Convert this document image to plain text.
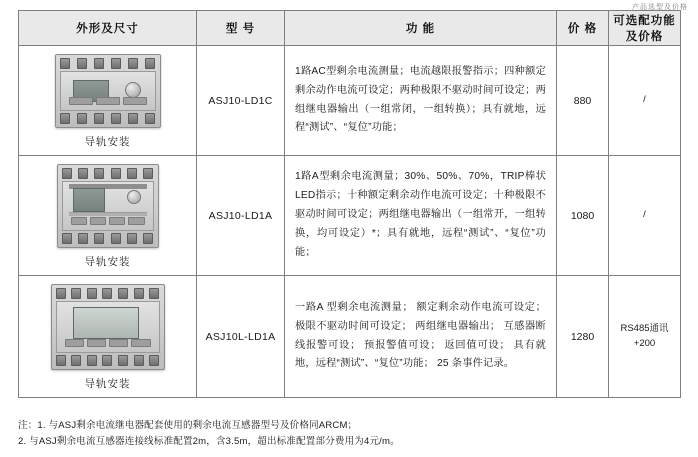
产品选型及价格
外形及尺寸	型 号	功 能	价 格	可选配功能
及价格

导轨安装	ASJ10-LD1C	1路AC型剩余电流测量；电流越限报警指示；四种额定剩余动作电流可设定；两种极限不驱动时间可设定；两组继电器输出（一组常闭，一组转换）；具有就地，远程“测试”、“复位”功能；	880	/

导轨安装	ASJ10-LD1A	1路A型剩余电流测量；30%、50%、70%，TRIP棒状LED指示；十种额定剩余动作电流可设定；十种极限不驱动时间可设定；两组继电器输出（一组常开，一组转换，均可设定）*；具有就地，远程“测试”、“复位”功能；	1080	/

导轨安装	ASJ10L-LD1A	一路A 型剩余电流测量； 额定剩余动作电流可设定；极限不驱动时间可设定； 两组继电器输出； 互感器断线报警可设； 预报警值可设； 返回值可设； 具有就地，远程“测试”、“复位”功能； 25 条事件记录。	1280	RS485通讯
+200
注：1. 与ASJ剩余电流继电器配套使用的剩余电流互感器型号及价格同ARCM；
2. 与ASJ剩余电流互感器连接线标准配置2m，含3.5m，超出标准配置部分费用为4元/m。
